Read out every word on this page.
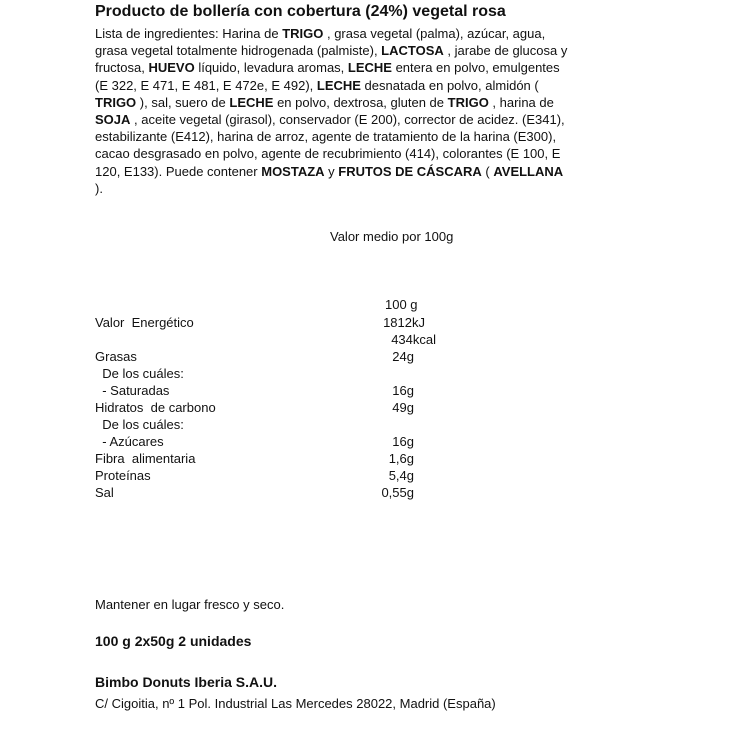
Producto de bollería con cobertura (24%) vegetal rosa
Lista de ingredientes: Harina de TRIGO , grasa vegetal (palma), azúcar, agua,
grasa vegetal totalmente hidrogenada (palmiste), LACTOSA , jarabe de glucosa y
fructosa, HUEVO líquido, levadura aromas, LECHE entera en polvo, emulgentes
(E 322, E 471, E 481, E 472e, E 492), LECHE desnatada en polvo, almidón (
TRIGO ), sal, suero de LECHE en polvo, dextrosa, gluten de TRIGO , harina de
SOJA , aceite vegetal (girasol), conservador (E 200), corrector de acidez. (E341),
estabilizante (E412), harina de arroz, agente de tratamiento de la harina (E300),
cacao desgrasado en polvo, agente de recubrimiento (414), colorantes (E 100, E
120, E133). Puede contener MOSTAZA y FRUTOS DE CÁSCARA ( AVELLANA
).
Valor medio por 100g
100 g
Valor  Energético	1812kJ
434kcal
Grasas	24g
De los cuáles:
- Saturadas	16g
Hidratos  de carbono	49g
De los cuáles:
- Azúcares	16g
Fibra  alimentaria	1,6g
Proteínas	5,4g
Sal	0,55g
Mantener en lugar fresco y seco.
100 g 2x50g 2 unidades
Bimbo Donuts Iberia S.A.U.
C/ Cigoitia, nº 1 Pol. Industrial Las Mercedes 28022, Madrid (España)
